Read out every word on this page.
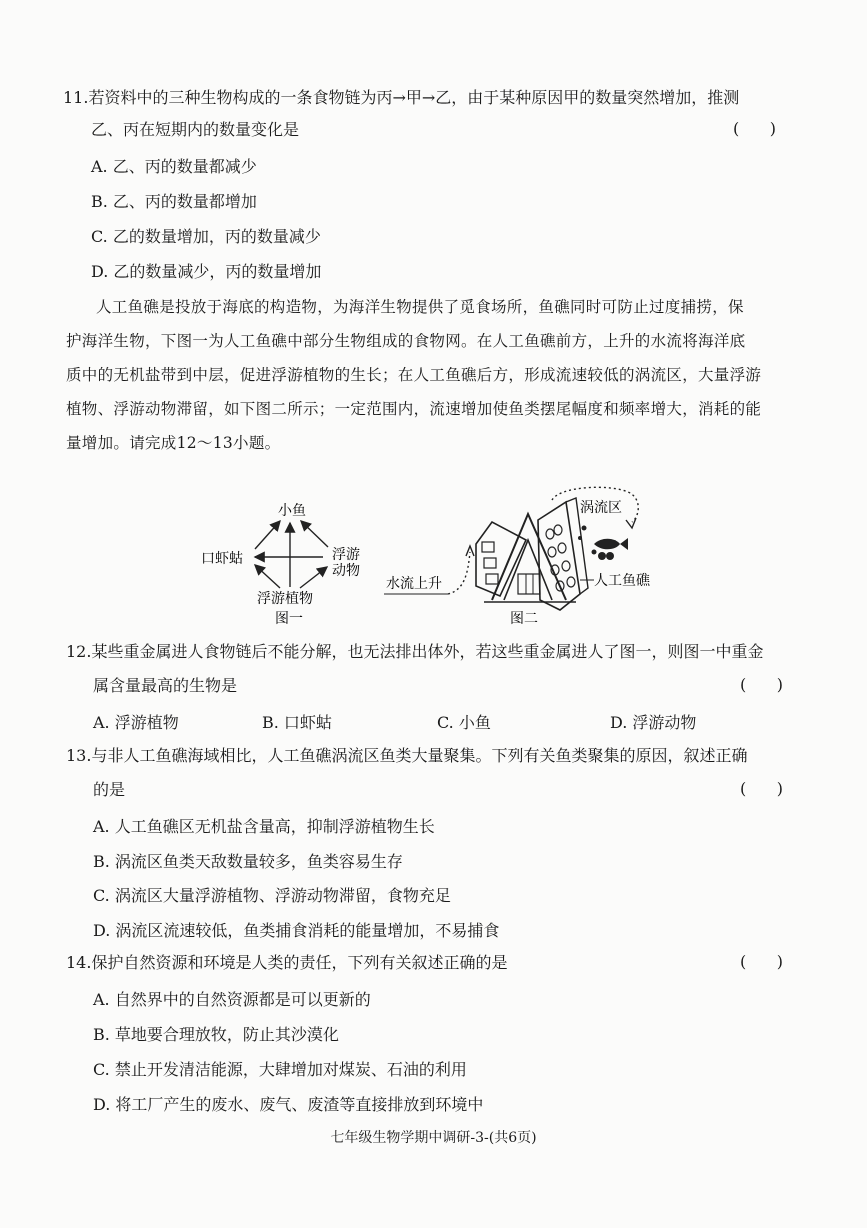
11.若资料中的三种生物构成的一条食物链为丙→甲→乙，由于某种原因甲的数量突然增加，推测
乙、丙在短期内的数量变化是	(      )
A. 乙、丙的数量都减少
B. 乙、丙的数量都增加
C. 乙的数量增加，丙的数量减少
D. 乙的数量减少，丙的数量增加
人工鱼礁是投放于海底的构造物，为海洋生物提供了觅食场所，鱼礁同时可防止过度捕捞，保
护海洋生物，下图一为人工鱼礁中部分生物组成的食物网。在人工鱼礁前方，上升的水流将海洋底
质中的无机盐带到中层，促进浮游植物的生长；在人工鱼礁后方，形成流速较低的涡流区，大量浮游
植物、浮游动物滞留，如下图二所示；一定范围内，流速增加使鱼类摆尾幅度和频率增大，消耗的能
量增加。请完成12～13小题。
小鱼
口虾蛄	浮游动物
浮游植物
图一
水流上升	人工鱼礁
涡流区
图二
12.某些重金属进人食物链后不能分解，也无法排出体外，若这些重金属进人了图一，则图一中重金
属含量最高的生物是	(      )
A. 浮游植物	B. 口虾蛄	C. 小鱼	D. 浮游动物
13.与非人工鱼礁海域相比，人工鱼礁涡流区鱼类大量聚集。下列有关鱼类聚集的原因，叙述正确
的是	(      )
A. 人工鱼礁区无机盐含量高，抑制浮游植物生长
B. 涡流区鱼类天敌数量较多，鱼类容易生存
C. 涡流区大量浮游植物、浮游动物滞留，食物充足
D. 涡流区流速较低，鱼类捕食消耗的能量增加，不易捕食
14.保护自然资源和环境是人类的责任，下列有关叙述正确的是	(      )
A. 自然界中的自然资源都是可以更新的
B. 草地要合理放牧，防止其沙漠化
C. 禁止开发清洁能源，大肆增加对煤炭、石油的利用
D. 将工厂产生的废水、废气、废渣等直接排放到环境中
七年级生物学期中调研-3-(共6页)
